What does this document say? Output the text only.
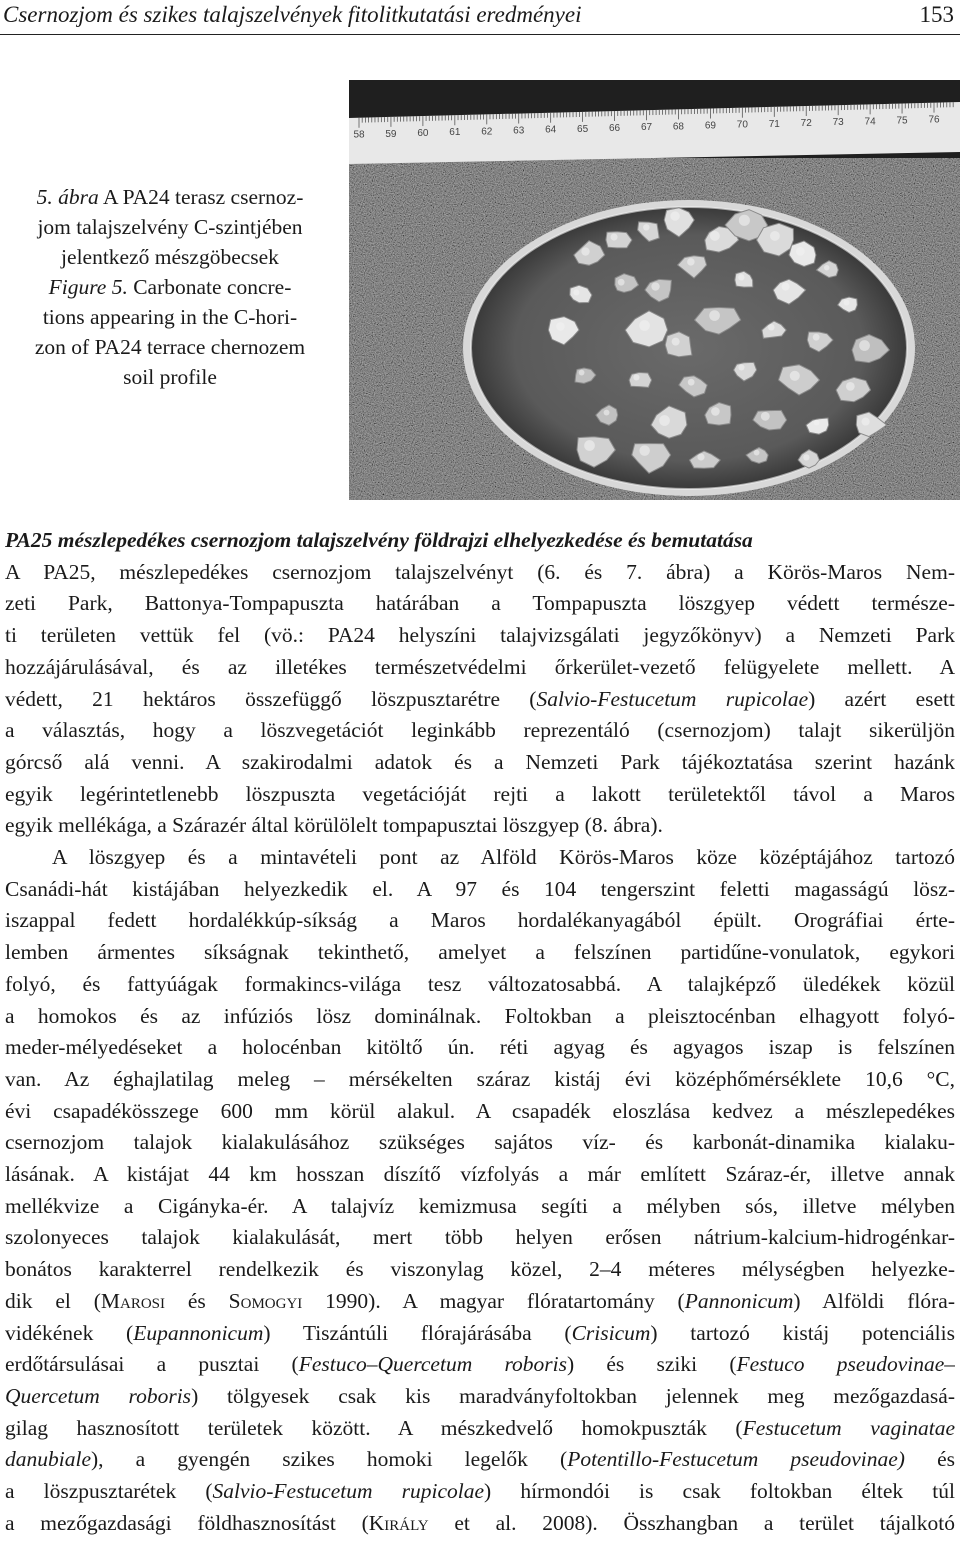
Csernozjom és szikes talajszelvények fitolitkutatási eredményei	153
5. ábra A PA24 terasz csernoz-
jom talajszelvény C-szintjében
jelentkező mészgöbecsek
Figure 5. Carbonate concre-
tions appearing in the C-hori-
zon of PA24 terrace chernozem
soil profile
58 59 60 61 62 63 64 65 66 67 68 69 70 71 72 73 74 75 76
PA25 mészlepedékes csernozjom talajszelvény földrajzi elhelyezkedése és bemutatása
A PA25, mészlepedékes csernozjom talajszelvényt (6. és 7. ábra) a Körös-Maros Nem-
zeti Park, Battonya-Tompapuszta határában a Tompapuszta löszgyep védett természe-
ti területen vettük fel (vö.: PA24 helyszíni talajvizsgálati jegyzőkönyv) a Nemzeti Park
hozzájárulásával, és az illetékes természetvédelmi őrkerület-vezető felügyelete mellett. A
védett, 21 hektáros összefüggő löszpusztarétre (Salvio-Festucetum rupicolae) azért esett
a választás, hogy a löszvegetációt leginkább reprezentáló (csernozjom) talajt sikerüljön
górcső alá venni. A szakirodalmi adatok és a Nemzeti Park tájékoztatása szerint hazánk
egyik legérintetlenebb löszpuszta vegetációját rejti a lakott területektől távol a Maros
egyik mellékága, a Szárazér által körülölelt tompapusztai löszgyep (8. ábra).
A löszgyep és a mintavételi pont az Alföld Körös-Maros köze középtájához tartozó
Csanádi-hát kistájában helyezkedik el. A 97 és 104 tengerszint feletti magasságú lösz-
iszappal fedett hordalékkúp-síkság a Maros hordalékanyagából épült. Orográfiai érte-
lemben ármentes síkságnak tekinthető, amelyet a felszínen partidűne-vonulatok, egykori
folyó, és fattyúágak formakincs-világa tesz változatosabbá. A talajképző üledékek közül
a homokos és az infúziós lösz dominálnak. Foltokban a pleisztocénban elhagyott folyó-
meder-mélyedéseket a holocénban kitöltő ún. réti agyag és agyagos iszap is felszínen
van. Az éghajlatilag meleg – mérsékelten száraz kistáj évi középhőmérséklete 10,6 °C,
évi csapadékösszege 600 mm körül alakul. A csapadék eloszlása kedvez a mészlepedékes
csernozjom talajok kialakulásához szükséges sajátos víz- és karbonát-dinamika kialaku-
lásának. A kistájat 44 km hosszan díszítő vízfolyás a már említett Száraz-ér, illetve annak
mellékvize a Cigányka-ér. A talajvíz kemizmusa segíti a mélyben sós, illetve mélyben
szolonyeces talajok kialakulását, mert több helyen erősen nátrium-kalcium-hidrogénkar-
bonátos karakterrel rendelkezik és viszonylag közel, 2–4 méteres mélységben helyezke-
dik el (Marosi és Somogyi 1990). A magyar flóratartomány (Pannonicum) Alföldi flóra-
vidékének (Eupannonicum) Tiszántúli flórajárásába (Crisicum) tartozó kistáj potenciális
erdőtársulásai a pusztai (Festuco–Quercetum roboris) és sziki (Festuco pseudovinae–
Quercetum roboris) tölgyesek csak kis maradványfoltokban jelennek meg mezőgazdasá-
gilag hasznosított területek között. A mészkedvelő homokpuszták (Festucetum vaginatae
danubiale), a gyengén szikes homoki legelők (Potentillo-Festucetum pseudovinae) és
a löszpusztarétek (Salvio-Festucetum rupicolae) hírmondói is csak foltokban éltek túl
a mezőgazdasági földhasznosítást (Király et al. 2008). Összhangban a terület tájalkotó
